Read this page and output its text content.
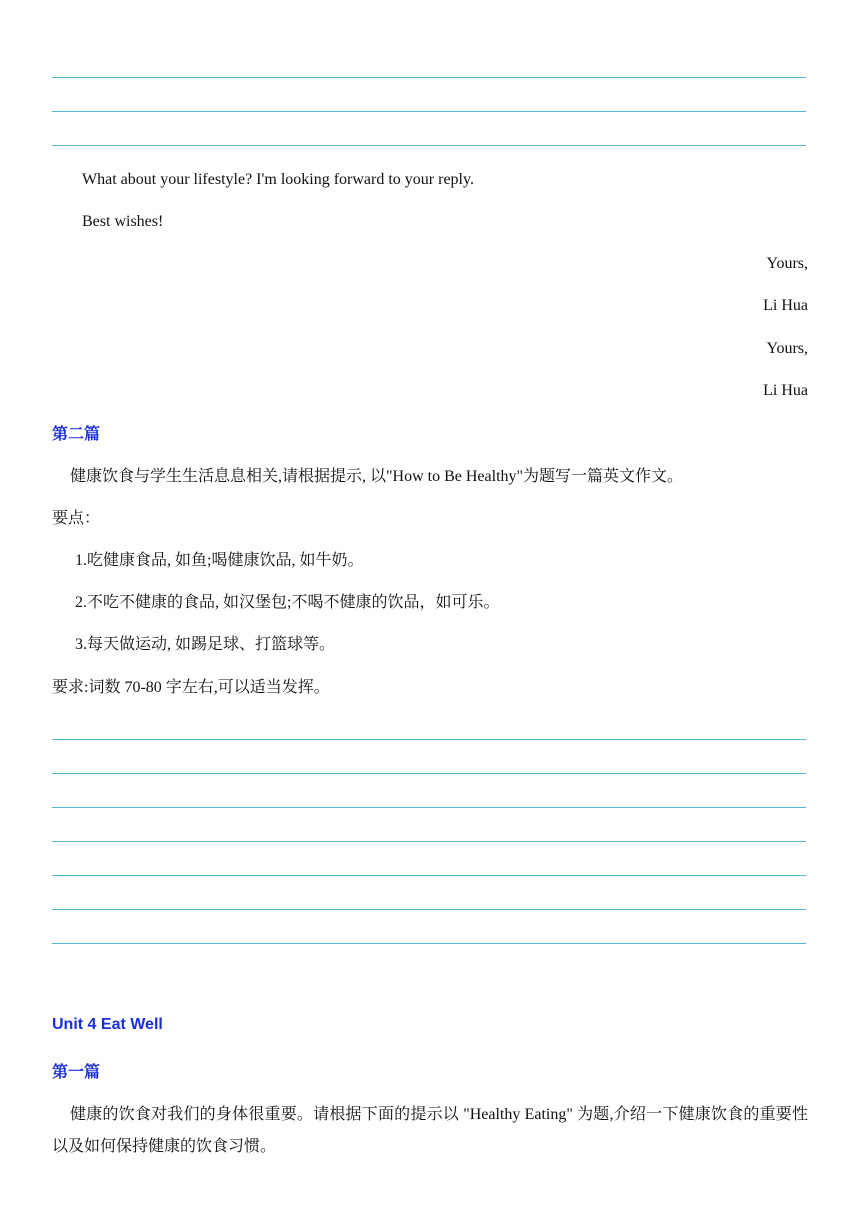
What about your lifestyle? I'm looking forward to your reply.
Best wishes!
Yours,
Li Hua
Yours,
Li Hua
第二篇
健康饮食与学生生活息息相关,请根据提示, 以"How to Be Healthy"为题写一篇英文作文。
要点：
1.吃健康食品, 如鱼;喝健康饮品, 如牛奶。
2.不吃不健康的食品, 如汉堡包;不喝不健康的饮品，如可乐。
3.每天做运动, 如踢足球、打篮球等。
要求:词数 70-80 字左右,可以适当发挥。
Unit 4 Eat Well
第一篇
健康的饮食对我们的身体很重要。请根据下面的提示以 "Healthy Eating" 为题,介绍一下健康饮食的重要性以及如何保持健康的饮食习惯。
